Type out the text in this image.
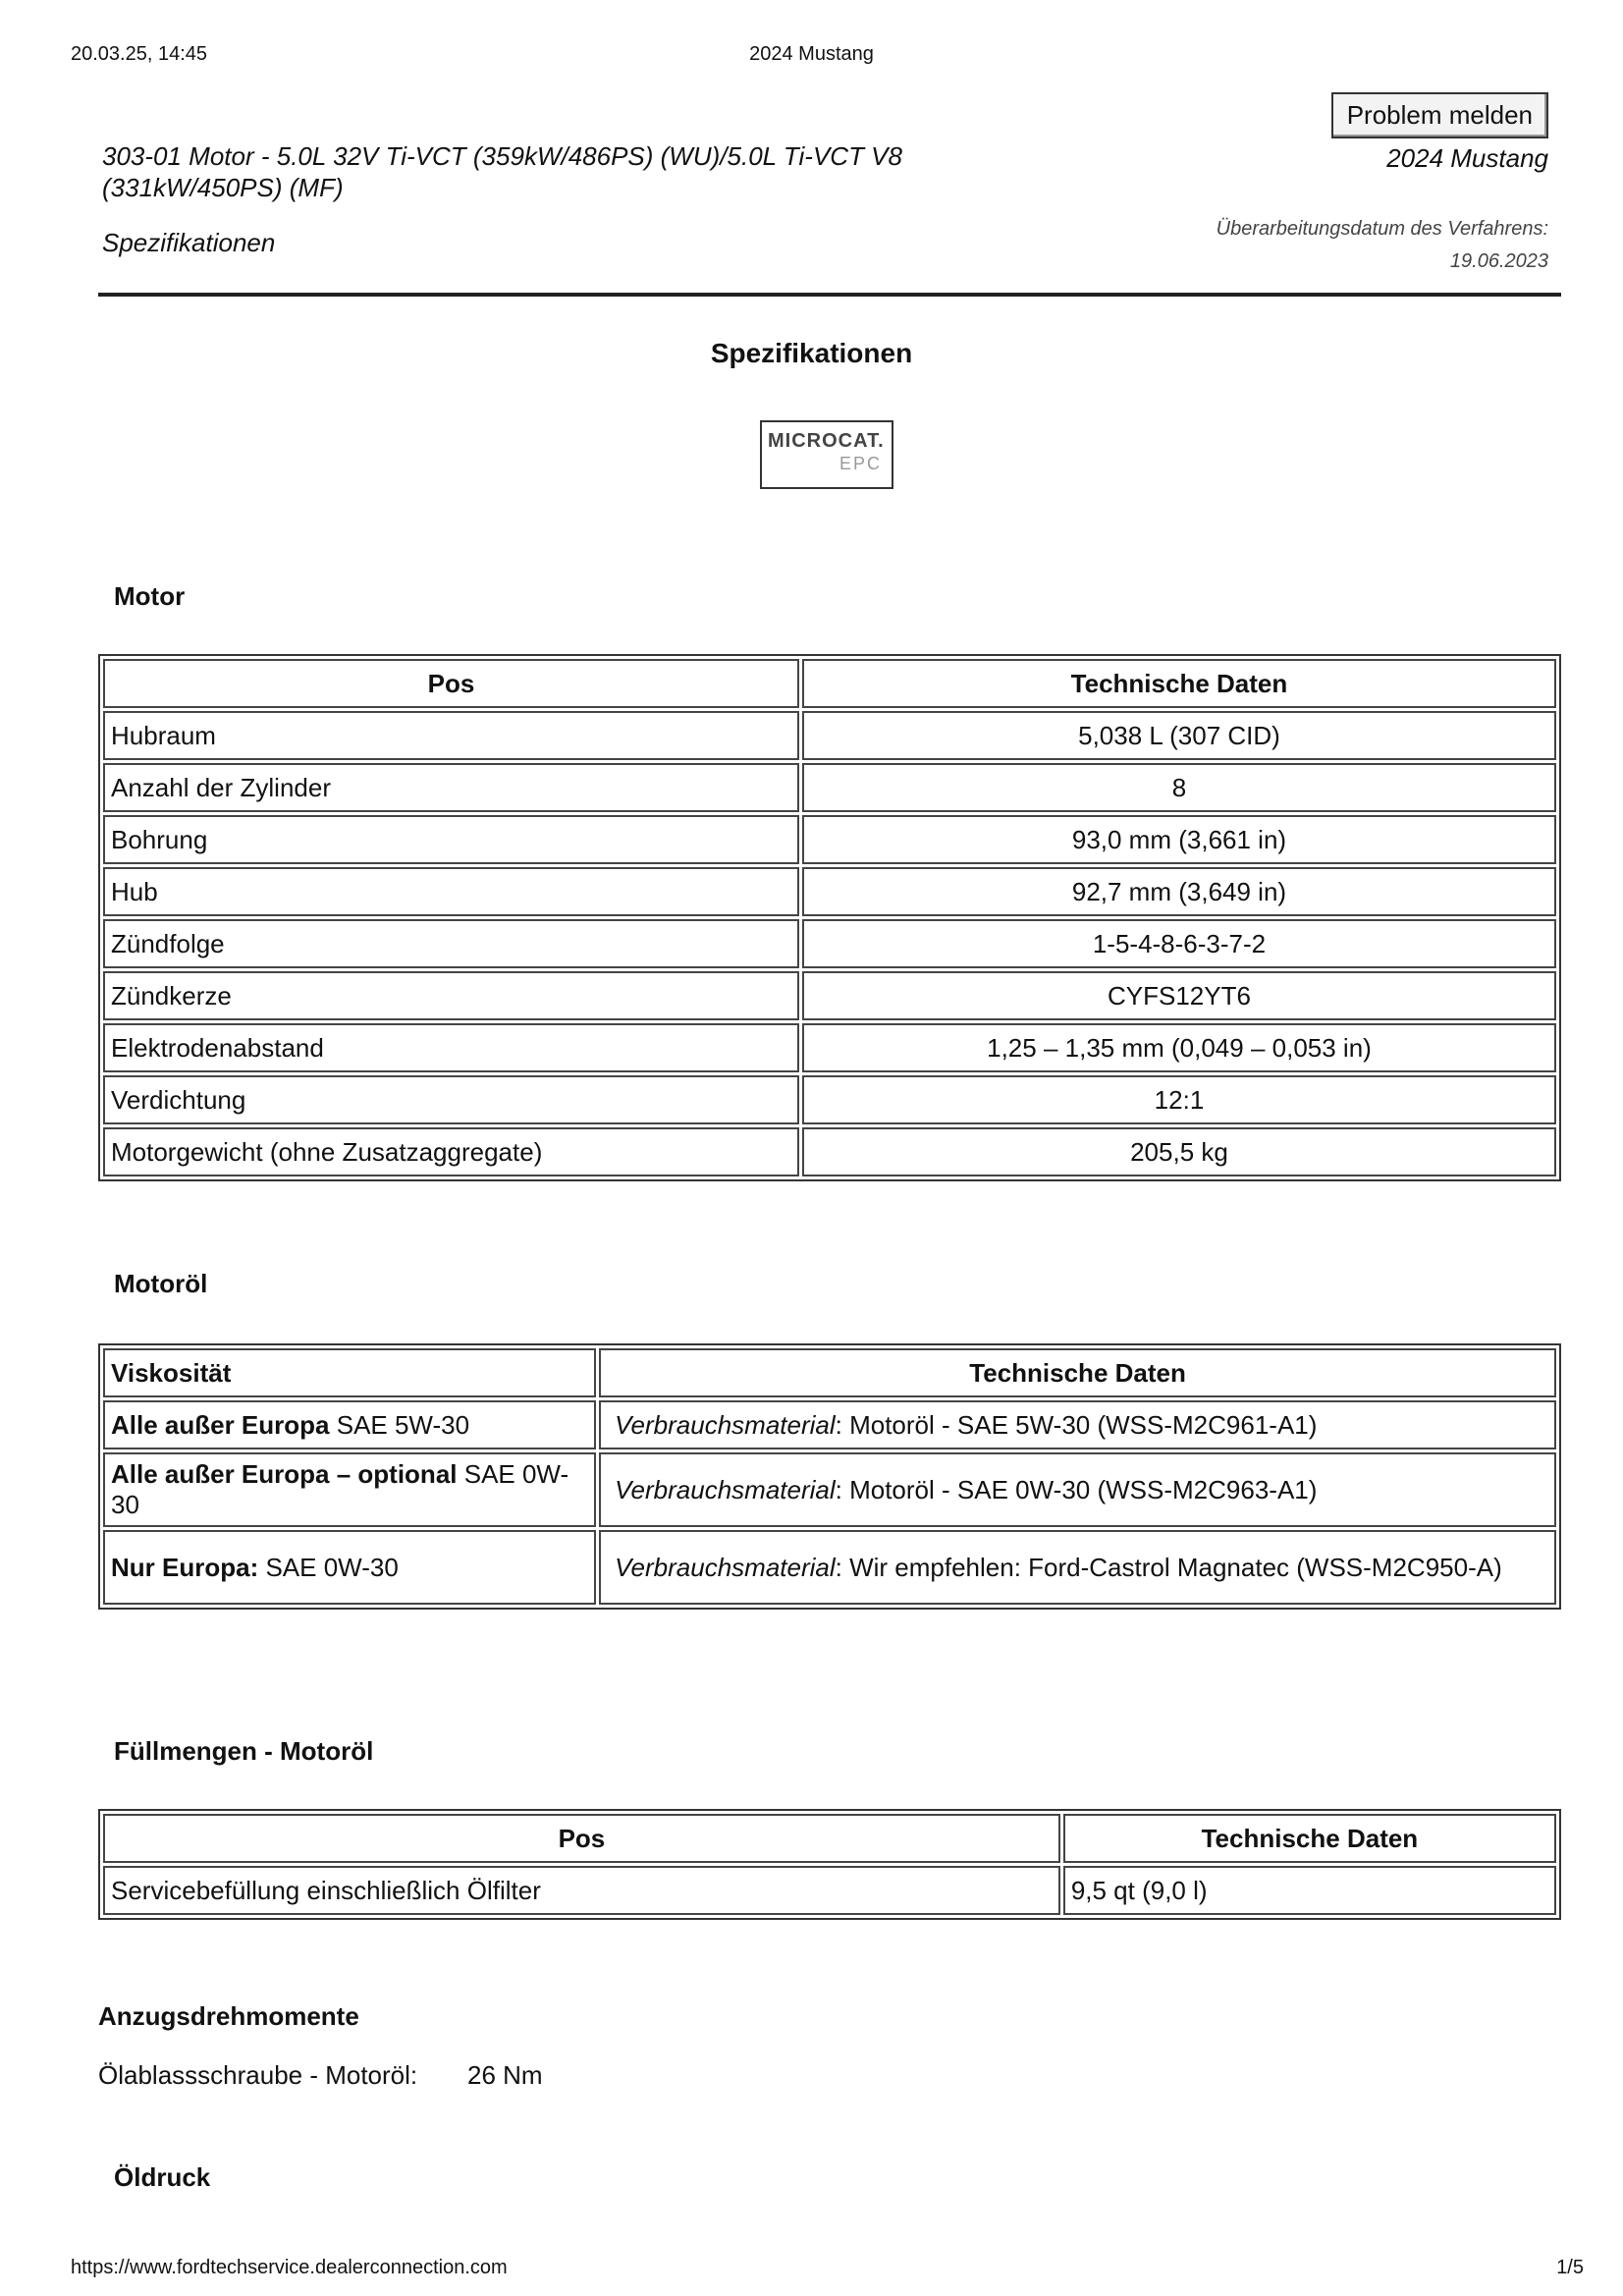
20.03.25, 14:45	2024 Mustang
Problem melden
303-01 Motor - 5.0L 32V Ti-VCT (359kW/486PS) (WU)/5.0L Ti-VCT V8 (331kW/450PS) (MF)
2024 Mustang
Spezifikationen	Überarbeitungsdatum des Verfahrens:
19.06.2023
Spezifikationen
MICROCAT.
EPC
Motor
Pos	Technische Daten
Hubraum	5,038 L (307 CID)
Anzahl der Zylinder	8
Bohrung	93,0 mm (3,661 in)
Hub	92,7 mm (3,649 in)
Zündfolge	1-5-4-8-6-3-7-2
Zündkerze	CYFS12YT6
Elektrodenabstand	1,25 – 1,35 mm (0,049 – 0,053 in)
Verdichtung	12:1
Motorgewicht (ohne Zusatzaggregate)	205,5 kg
Motoröl
Viskosität	Technische Daten
Alle außer Europa SAE 5W-30	Verbrauchsmaterial: Motoröl - SAE 5W-30 (WSS-M2C961-A1)
Alle außer Europa – optional SAE 0W-30	Verbrauchsmaterial: Motoröl - SAE 0W-30 (WSS-M2C963-A1)
Nur Europa: SAE 0W-30	Verbrauchsmaterial: Wir empfehlen: Ford-Castrol Magnatec (WSS-M2C950-A)
Füllmengen - Motoröl
Pos	Technische Daten
Servicebefüllung einschließlich Ölfilter	9,5 qt (9,0 l)
Anzugsdrehmomente
Ölablassschraube - Motoröl: 26 Nm
Öldruck
https://www.fordtechservice.dealerconnection.com	1/5
